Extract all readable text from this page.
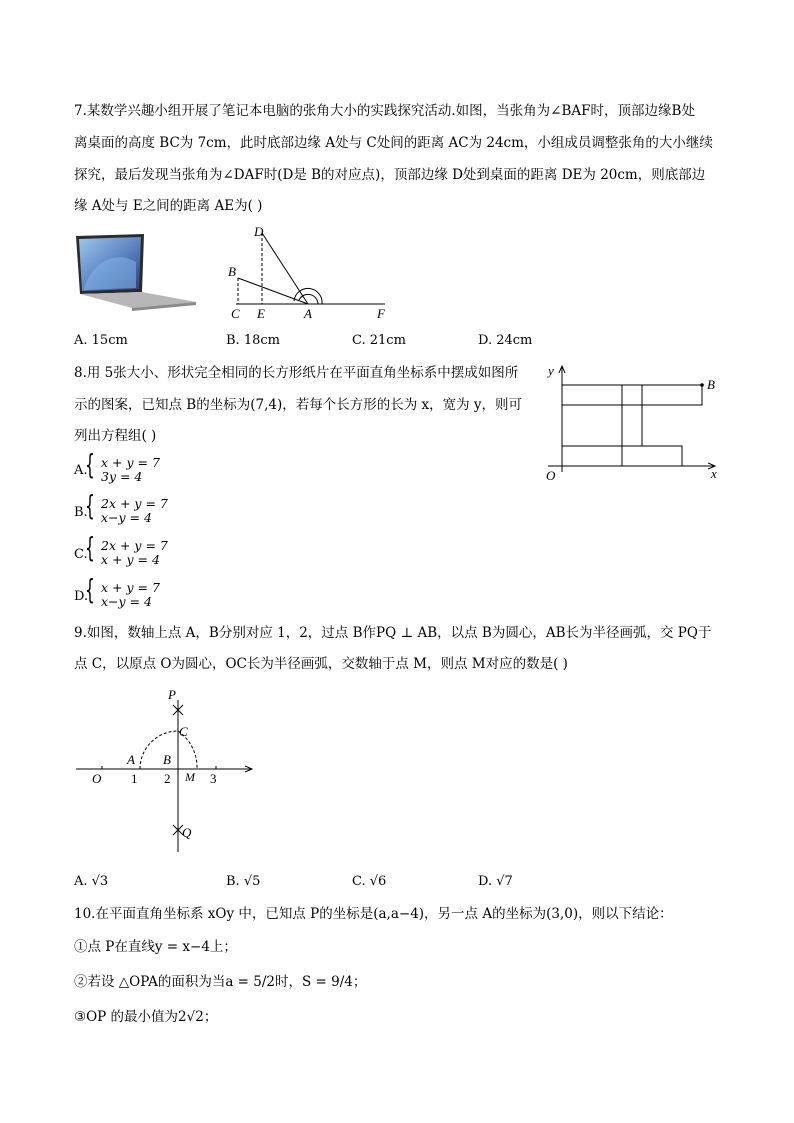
7.某数学兴趣小组开展了笔记本电脑的张角大小的实践探究活动.如图，当张角为∠BAF时，顶部边缘B处
离桌面的高度 BC为 7cm，此时底部边缘 A处与 C处间的距离 AC为 24cm，小组成员调整张角的大小继续
探究，最后发现当张角为∠DAF时(D是 B的对应点)，顶部边缘 D处到桌面的距离 DE为 20cm，则底部边
缘 A处与 E之间的距离 AE为( )
D
B
C E	A	F
A. 15cm	B. 18cm	C. 21cm	D. 24cm
8.用 5张大小、形状完全相同的长方形纸片在平面直角坐标系中摆成如图所
示的图案，已知点 B的坐标为(7,4)，若每个长方形的长为 x，宽为 y，则可
列出方程组( )
y
x
O
B
A.
{ x + y = 7
3y = 4
B.
{ 2x + y = 7
x−y = 4
C.
{ 2x + y = 7
x + y = 4
D.
{ x + y = 7
x−y = 4
9.如图，数轴上点 A，B分别对应 1，2，过点 B作PQ ⊥ AB，以点 B为圆心，AB长为半径画弧，交 PQ于
点 C，以原点 O为圆心，OC长为半径画弧，交数轴于点 M，则点 M对应的数是( )
P
C
A B
O 1 2 M 3
Q
A. √3	B. √5	C. √6	D. √7
10.在平面直角坐标系 xOy 中，已知点 P的坐标是(a,a−4)，另一点 A的坐标为(3,0)，则以下结论：
①点 P在直线y = x−4上；
②若设 △OPA的面积为当a = 5/2时，S = 9/4；
③OP 的最小值为2√2；
